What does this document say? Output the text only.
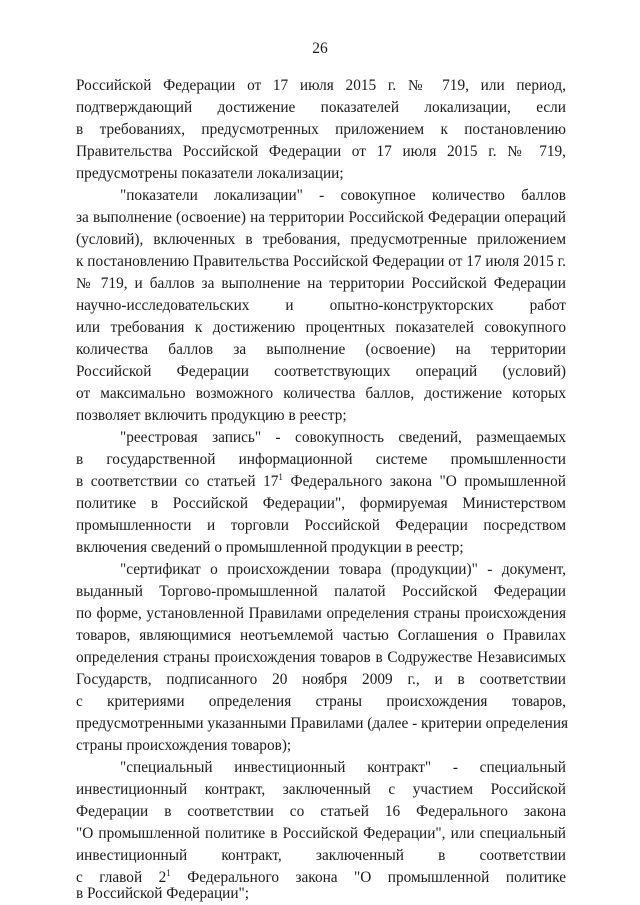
26
Российской Федерации от 17 июля 2015 г. № 719, или период,
подтверждающий достижение показателей локализации, если
в требованиях, предусмотренных приложением к постановлению
Правительства Российской Федерации от 17 июля 2015 г. № 719,
предусмотрены показатели локализации;
"показатели локализации" - совокупное количество баллов
за выполнение (освоение) на территории Российской Федерации операций
(условий), включенных в требования, предусмотренные приложением
к постановлению Правительства Российской Федерации от 17 июля 2015 г.
№ 719, и баллов за выполнение на территории Российской Федерации
научно-исследовательских и опытно-конструкторских работ
или требования к достижению процентных показателей совокупного
количества баллов за выполнение (освоение) на территории
Российской Федерации соответствующих операций (условий)
от максимально возможного количества баллов, достижение которых
позволяет включить продукцию в реестр;
"реестровая запись" - совокупность сведений, размещаемых
в государственной информационной системе промышленности
в соответствии со статьей $17^1$ Федерального закона "О промышленной
политике в Российской Федерации", формируемая Министерством
промышленности и торговли Российской Федерации посредством
включения сведений о промышленной продукции в реестр;
"сертификат о происхождении товара (продукции)" - документ,
выданный Торгово-промышленной палатой Российской Федерации
по форме, установленной Правилами определения страны происхождения
товаров, являющимися неотъемлемой частью Соглашения о Правилах
определения страны происхождения товаров в Содружестве Независимых
Государств, подписанного 20 ноября 2009 г., и в соответствии
с критериями определения страны происхождения товаров,
предусмотренными указанными Правилами (далее - критерии определения
страны происхождения товаров);
"специальный инвестиционный контракт" - специальный
инвестиционный контракт, заключенный с участием Российской
Федерации в соответствии со статьей 16 Федерального закона
"О промышленной политике в Российской Федерации", или специальный
инвестиционный контракт, заключенный в соответствии
с главой $2^1$ Федерального закона "О промышленной политике
в Российской Федерации";
